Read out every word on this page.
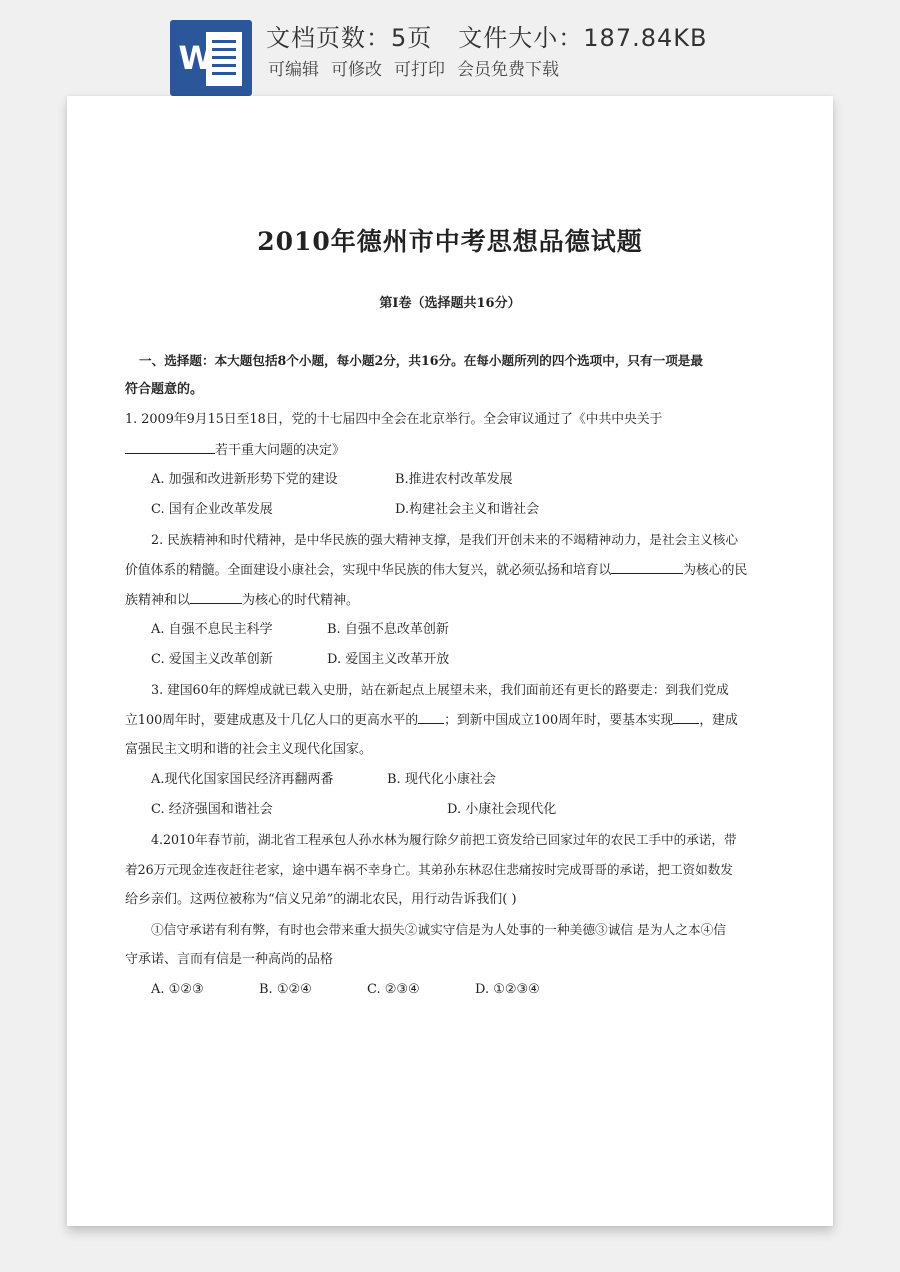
W
文档页数：5页 文件大小：187.84KB
可编辑 可修改 可打印 会员免费下载
2010年德州市中考思想品德试题
第Ⅰ卷（选择题共16分）
一、选择题：本大题包括8个小题，每小题2分，共16分。在每小题所列的四个选项中，只有一项是最
符合题意的。
1. 2009年9月15日至18日，党的十七届四中全会在北京举行。全会审议通过了《中共中央关于
若干重大问题的决定》
A. 加强和改进新形势下党的建设	B.推进农村改革发展
C. 国有企业改革发展	D.构建社会主义和谐社会
2. 民族精神和时代精神，是中华民族的强大精神支撑，是我们开创未来的不竭精神动力，是社会主义核心
价值体系的精髓。全面建设小康社会，实现中华民族的伟大复兴，就必须弘扬和培育以	为核心的民
族精神和以	为核心的时代精神。
A. 自强不息民主科学	B. 自强不息改革创新
C. 爱国主义改革创新	D. 爱国主义改革开放
3. 建国60年的辉煌成就已载入史册，站在新起点上展望未来，我们面前还有更长的路要走：到我们党成
立100周年时，要建成惠及十几亿人口的更高水平的 ；到新中国成立100周年时，要基本实现 ，建成
富强民主文明和谐的社会主义现代化国家。
A.现代化国家国民经济再翻两番	B. 现代化小康社会
C. 经济强国和谐社会	D. 小康社会现代化
4.2010年春节前，湖北省工程承包人孙水林为履行除夕前把工资发给已回家过年的农民工手中的承诺，带
着26万元现金连夜赶往老家，途中遇车祸不幸身亡。其弟孙东林忍住悲痛按时完成哥哥的承诺，把工资如数发
给乡亲们。这两位被称为“信义兄弟”的湖北农民，用行动告诉我们( )
①信守承诺有利有弊，有时也会带来重大损失②诚实守信是为人处事的一种美德③诚信 是为人之本④信
守承诺、言而有信是一种高尚的品格
A. ①②③	B. ①②④	C. ②③④	D. ①②③④
